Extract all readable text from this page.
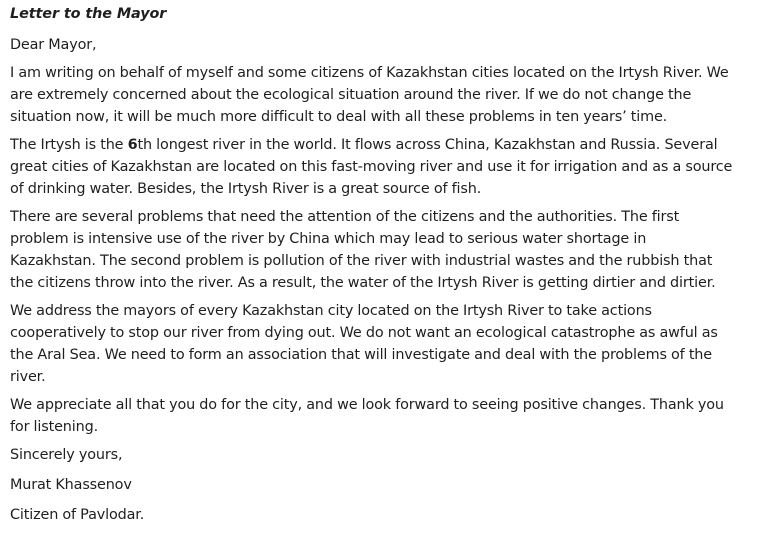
Letter to the Mayor
Dear Mayor,
I am writing on behalf of myself and some citizens of Kazakhstan cities located on the Irtysh River. We
are extremely concerned about the ecological situation around the river. If we do not change the
situation now, it will be much more difficult to deal with all these problems in ten years’ time.
The Irtysh is the 6th longest river in the world. It flows across China, Kazakhstan and Russia. Several
great cities of Kazakhstan are located on this fast-moving river and use it for irrigation and as a source
of drinking water. Besides, the Irtysh River is a great source of fish.
There are several problems that need the attention of the citizens and the authorities. The first
problem is intensive use of the river by China which may lead to serious water shortage in
Kazakhstan. The second problem is pollution of the river with industrial wastes and the rubbish that
the citizens throw into the river. As a result, the water of the Irtysh River is getting dirtier and dirtier.
We address the mayors of every Kazakhstan city located on the Irtysh River to take actions
cooperatively to stop our river from dying out. We do not want an ecological catastrophe as awful as
the Aral Sea. We need to form an association that will investigate and deal with the problems of the
river.
We appreciate all that you do for the city, and we look forward to seeing positive changes. Thank you
for listening.
Sincerely yours,
Murat Khassenov
Citizen of Pavlodar.
